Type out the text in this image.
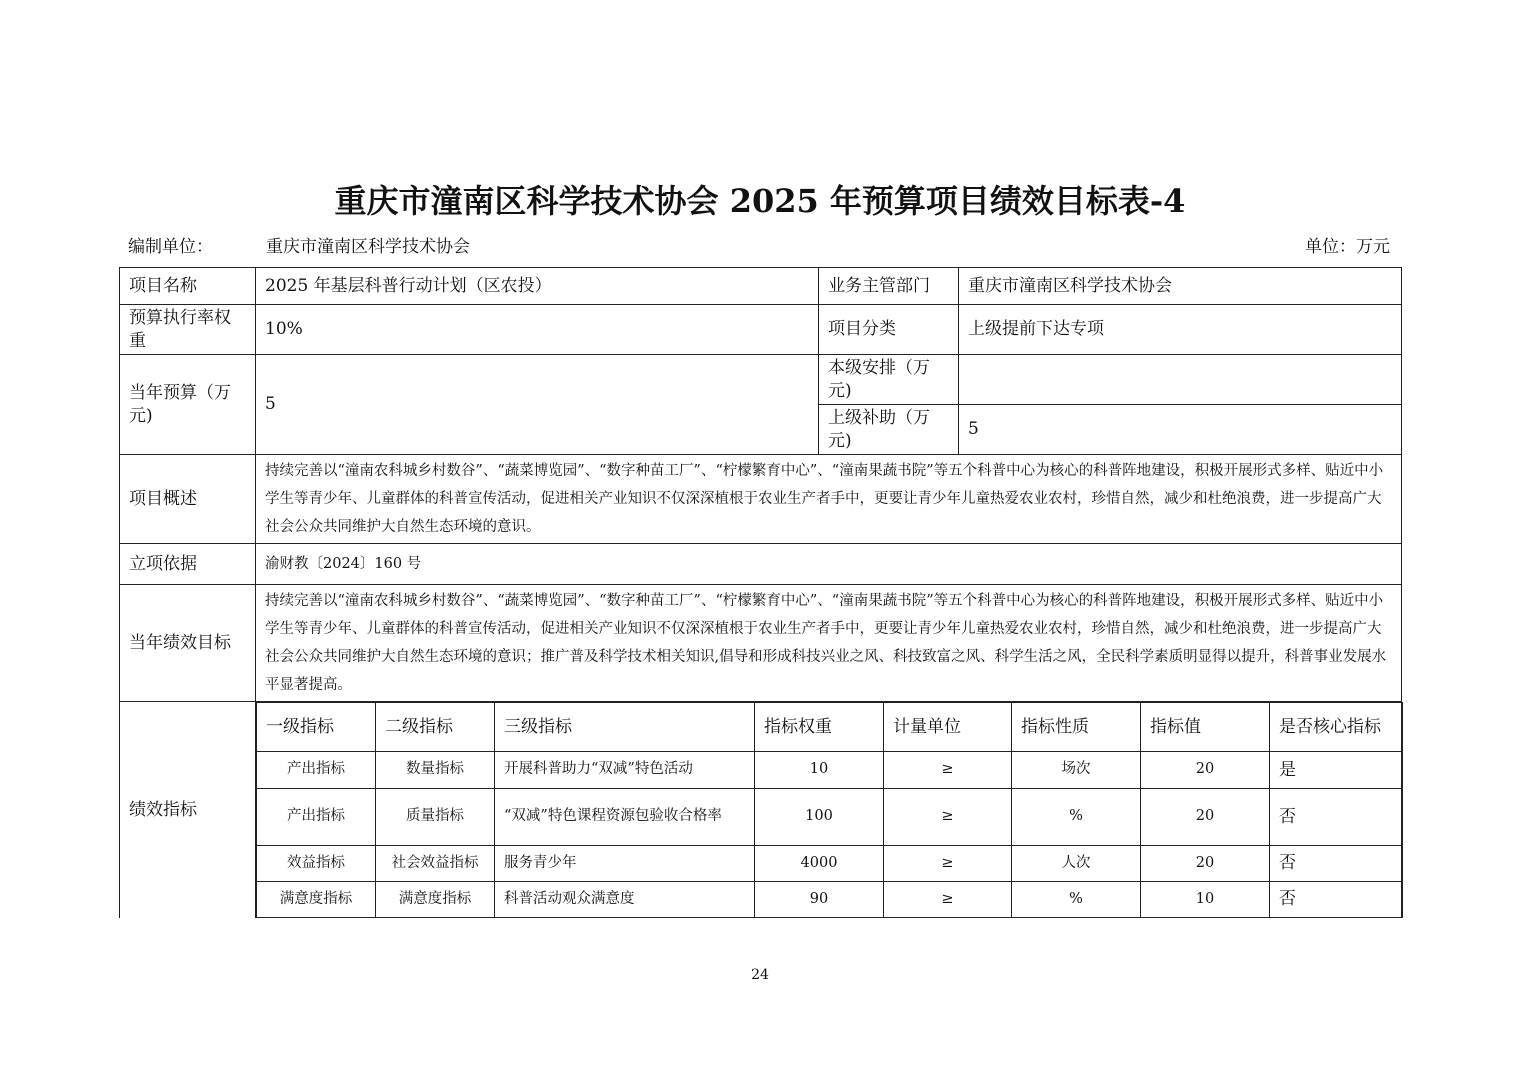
重庆市潼南区科学技术协会 2025 年预算项目绩效目标表-4
编制单位：	重庆市潼南区科学技术协会	单位：万元
项目名称	2025 年基层科普行动计划（区农投）	业务主管部门	重庆市潼南区科学技术协会
预算执行率权重	10%	项目分类	上级提前下达专项
当年预算（万元)	5	本级安排（万元)	
上级补助（万元)	5
项目概述	持续完善以“潼南农科城乡村数谷”、“蔬菜博览园”、“数字种苗工厂”、“柠檬繁育中心”、“潼南果蔬书院”等五个科普中心为核心的科普阵地建设，积极开展形式多样、贴近中小学生等青少年、儿童群体的科普宣传活动，促进相关产业知识不仅深深植根于农业生产者手中，更要让青少年儿童热爱农业农村，珍惜自然，减少和杜绝浪费，进一步提高广大社会公众共同维护大自然生态环境的意识。
立项依据	渝财教〔2024〕160 号
当年绩效目标	持续完善以“潼南农科城乡村数谷”、“蔬菜博览园”、“数字种苗工厂”、“柠檬繁育中心”、“潼南果蔬书院”等五个科普中心为核心的科普阵地建设，积极开展形式多样、贴近中小学生等青少年、儿童群体的科普宣传活动，促进相关产业知识不仅深深植根于农业生产者手中，更要让青少年儿童热爱农业农村，珍惜自然，减少和杜绝浪费，进一步提高广大社会公众共同维护大自然生态环境的意识；推广普及科学技术相关知识,倡导和形成科技兴业之风、科技致富之风、科学生活之风，全民科学素质明显得以提升，科普事业发展水平显著提高。
绩效指标	
一级指标	二级指标	三级指标	指标权重	计量单位	指标性质	指标值	是否核心指标
产出指标	数量指标	开展科普助力“双减”特色活动	10	≥	场次	20	是
产出指标	质量指标	“双减”特色课程资源包验收合格率	100	≥	%	20	否
效益指标	社会效益指标	服务青少年	4000	≥	人次	20	否
满意度指标	满意度指标	科普活动观众满意度	90	≥	%	10	否
24
